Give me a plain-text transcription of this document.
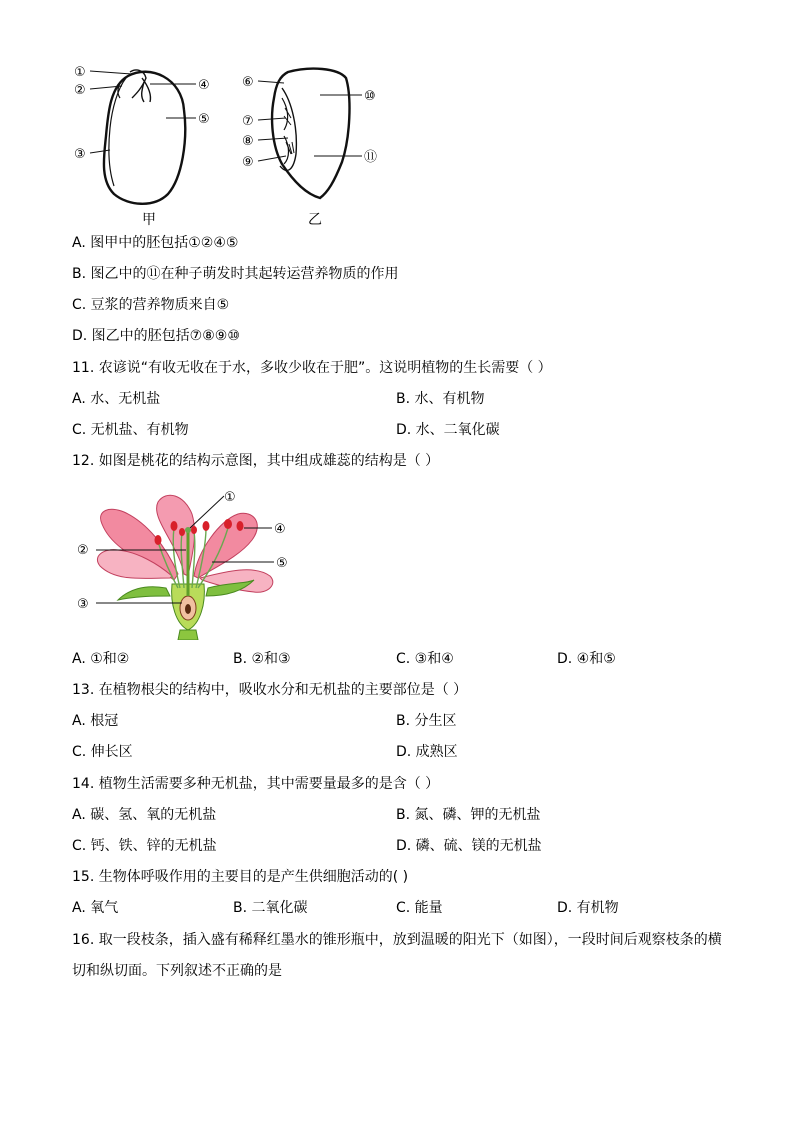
①
②
③
④
⑤
甲
⑥
⑩
⑦
⑧
⑨	⑪
乙
A. 图甲中的胚包括①②④⑤
B. 图乙中的⑪在种子萌发时其起转运营养物质的作用
C. 豆浆的营养物质来自⑤
D. 图乙中的胚包括⑦⑧⑨⑩
11. 农谚说“有收无收在于水，多收少收在于肥”。这说明植物的生长需要（ ）
A. 水、无机盐	B. 水、有机物
C. 无机盐、有机物	D. 水、二氧化碳
12. 如图是桃花的结构示意图，其中组成雄蕊的结构是（ ）
①
②
③
④
⑤
A. ①和②	B. ②和③	C. ③和④	D. ④和⑤
13. 在植物根尖的结构中，吸收水分和无机盐的主要部位是（ ）
A. 根冠	B. 分生区
C. 伸长区	D. 成熟区
14. 植物生活需要多种无机盐，其中需要量最多的是含（ ）
A. 碳、氢、氧的无机盐	B. 氮、磷、钾的无机盐
C. 钙、铁、锌的无机盐	D. 磷、硫、镁的无机盐
15. 生物体呼吸作用的主要目的是产生供细胞活动的( )
A. 氧气	B. 二氧化碳	C. 能量	D. 有机物
16. 取一段枝条，插入盛有稀释红墨水的锥形瓶中，放到温暖的阳光下（如图），一段时间后观察枝条的横
切和纵切面。下列叙述不正确的是
